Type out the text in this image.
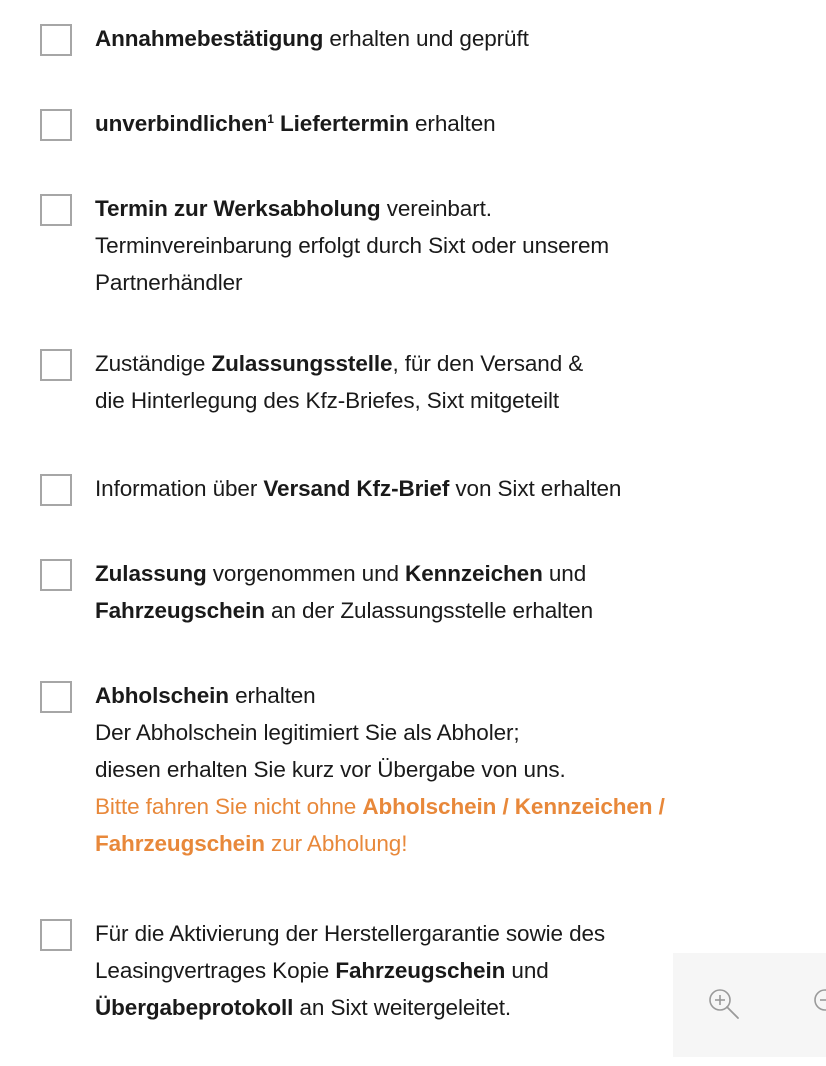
Annahmebestätigung erhalten und geprüft
unverbindlichen$^1$ Liefertermin erhalten
Termin zur Werksabholung vereinbart.
Terminvereinbarung erfolgt durch Sixt oder unserem
Partnerhändler
Zuständige Zulassungsstelle, für den Versand &
die Hinterlegung des Kfz-Briefes, Sixt mitgeteilt
Information über Versand Kfz-Brief von Sixt erhalten
Zulassung vorgenommen und Kennzeichen und
Fahrzeugschein an der Zulassungsstelle erhalten
Abholschein erhalten
Der Abholschein legitimiert Sie als Abholer;
diesen erhalten Sie kurz vor Übergabe von uns.
Bitte fahren Sie nicht ohne Abholschein / Kennzeichen /
Fahrzeugschein zur Abholung!
Für die Aktivierung der Herstellergarantie sowie des
Leasingvertrages Kopie Fahrzeugschein und
Übergabeprotokoll an Sixt weitergeleitet.
